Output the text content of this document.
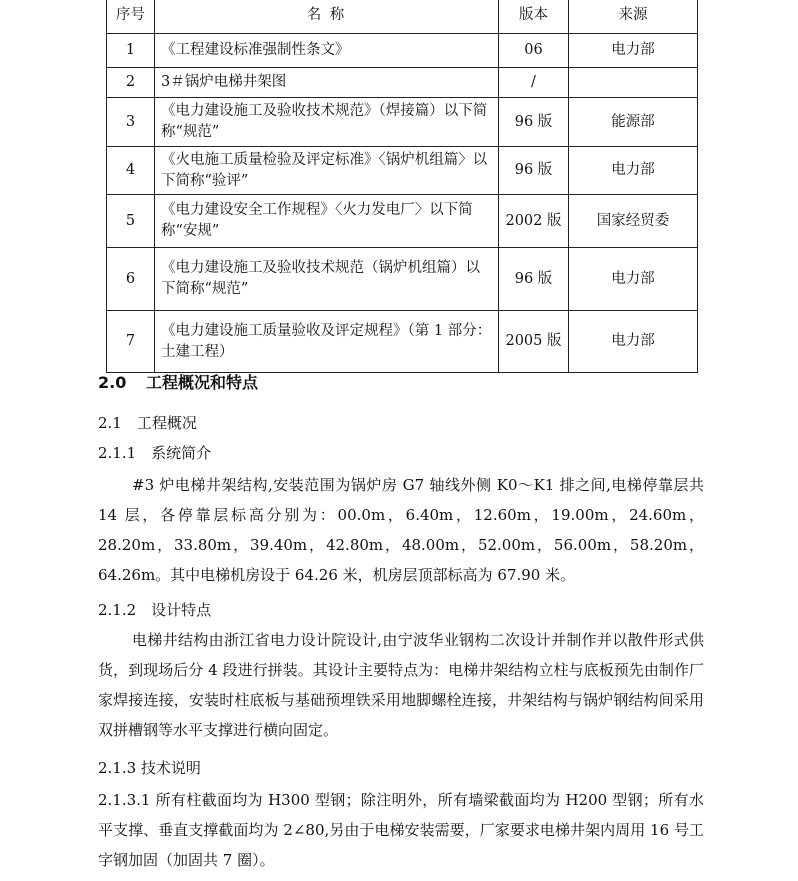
序号	名 称	版本	来源
1	《工程建设标准强制性条文》	06	电力部
2	3＃锅炉电梯井架图	/	
3	《电力建设施工及验收技术规范》（焊接篇）以下简称“规范”	96 版	能源部
4	《火电施工质量检验及评定标准》〈锅炉机组篇〉以下简称“验评”	96 版	电力部
5	《电力建设安全工作规程》〈火力发电厂〉以下简称“安规”	2002 版	国家经贸委
6	《电力建设施工及验收技术规范（锅炉机组篇）以下简称“规范”	96 版	电力部
7	《电力建设施工质量验收及评定规程》（第 1 部分：土建工程）	2005 版	电力部
2.0 工程概况和特点
2.1　工程概况
2.1.1　系统简介
#3 炉电梯井架结构,安装范围为锅炉房 G7 轴线外侧 K0～K1 排之间,电梯停靠层共 14 层，各停靠层标高分别为：00.0m，6.40m，12.60m，19.00m，24.60m，28.20m，33.80m，39.40m，42.80m，48.00m，52.00m，56.00m，58.20m， 64.26m。其中电梯机房设于 64.26 米，机房层顶部标高为 67.90 米。
2.1.2　设计特点
电梯井结构由浙江省电力设计院设计,由宁波华业钢构二次设计并制作并以散件形式供货，到现场后分 4 段进行拼装。其设计主要特点为：电梯井架结构立柱与底板预先由制作厂家焊接连接，安装时柱底板与基础预埋铁采用地脚螺栓连接，井架结构与锅炉钢结构间采用双拼槽钢等水平支撑进行横向固定。
2.1.3 技术说明
2.1.3.1 所有柱截面均为 H300 型钢；除注明外，所有墙梁截面均为 H200 型钢；所有水平支撑、垂直支撑截面均为 2∠80,另由于电梯安装需要，厂家要求电梯井架内周用 16 号工字钢加固（加固共 7 圈）。
